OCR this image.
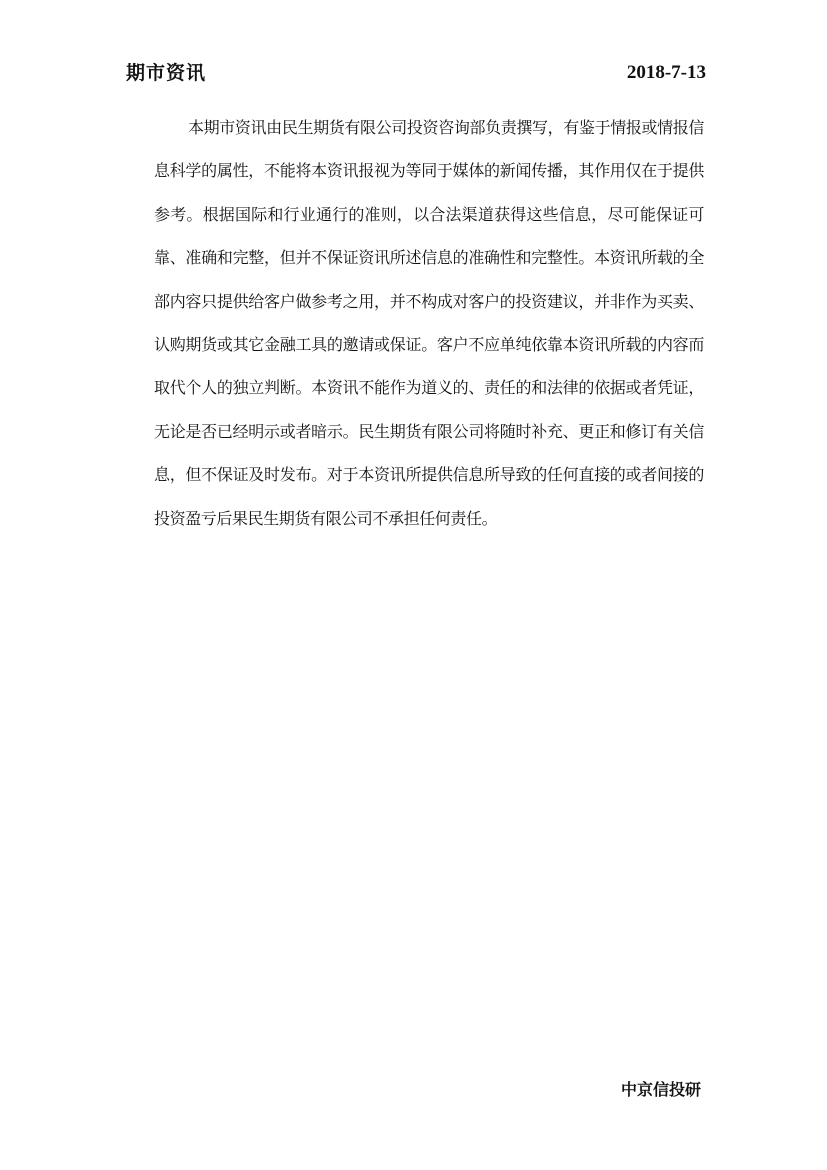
期市资讯	2018-7-13

本期市资讯由民生期货有限公司投资咨询部负责撰写，有鉴于情报或情报信息科学的属性，不能将本资讯报视为等同于媒体的新闻传播，其作用仅在于提供参考。根据国际和行业通行的准则，以合法渠道获得这些信息，尽可能保证可靠、准确和完整，但并不保证资讯所述信息的准确性和完整性。本资讯所载的全部内容只提供给客户做参考之用，并不构成对客户的投资建议，并非作为买卖、认购期货或其它金融工具的邀请或保证。客户不应单纯依靠本资讯所载的内容而取代个人的独立判断。本资讯不能作为道义的、责任的和法律的依据或者凭证，无论是否已经明示或者暗示。民生期货有限公司将随时补充、更正和修订有关信息，但不保证及时发布。对于本资讯所提供信息所导致的任何直接的或者间接的投资盈亏后果民生期货有限公司不承担任何责任。

中京信投研
